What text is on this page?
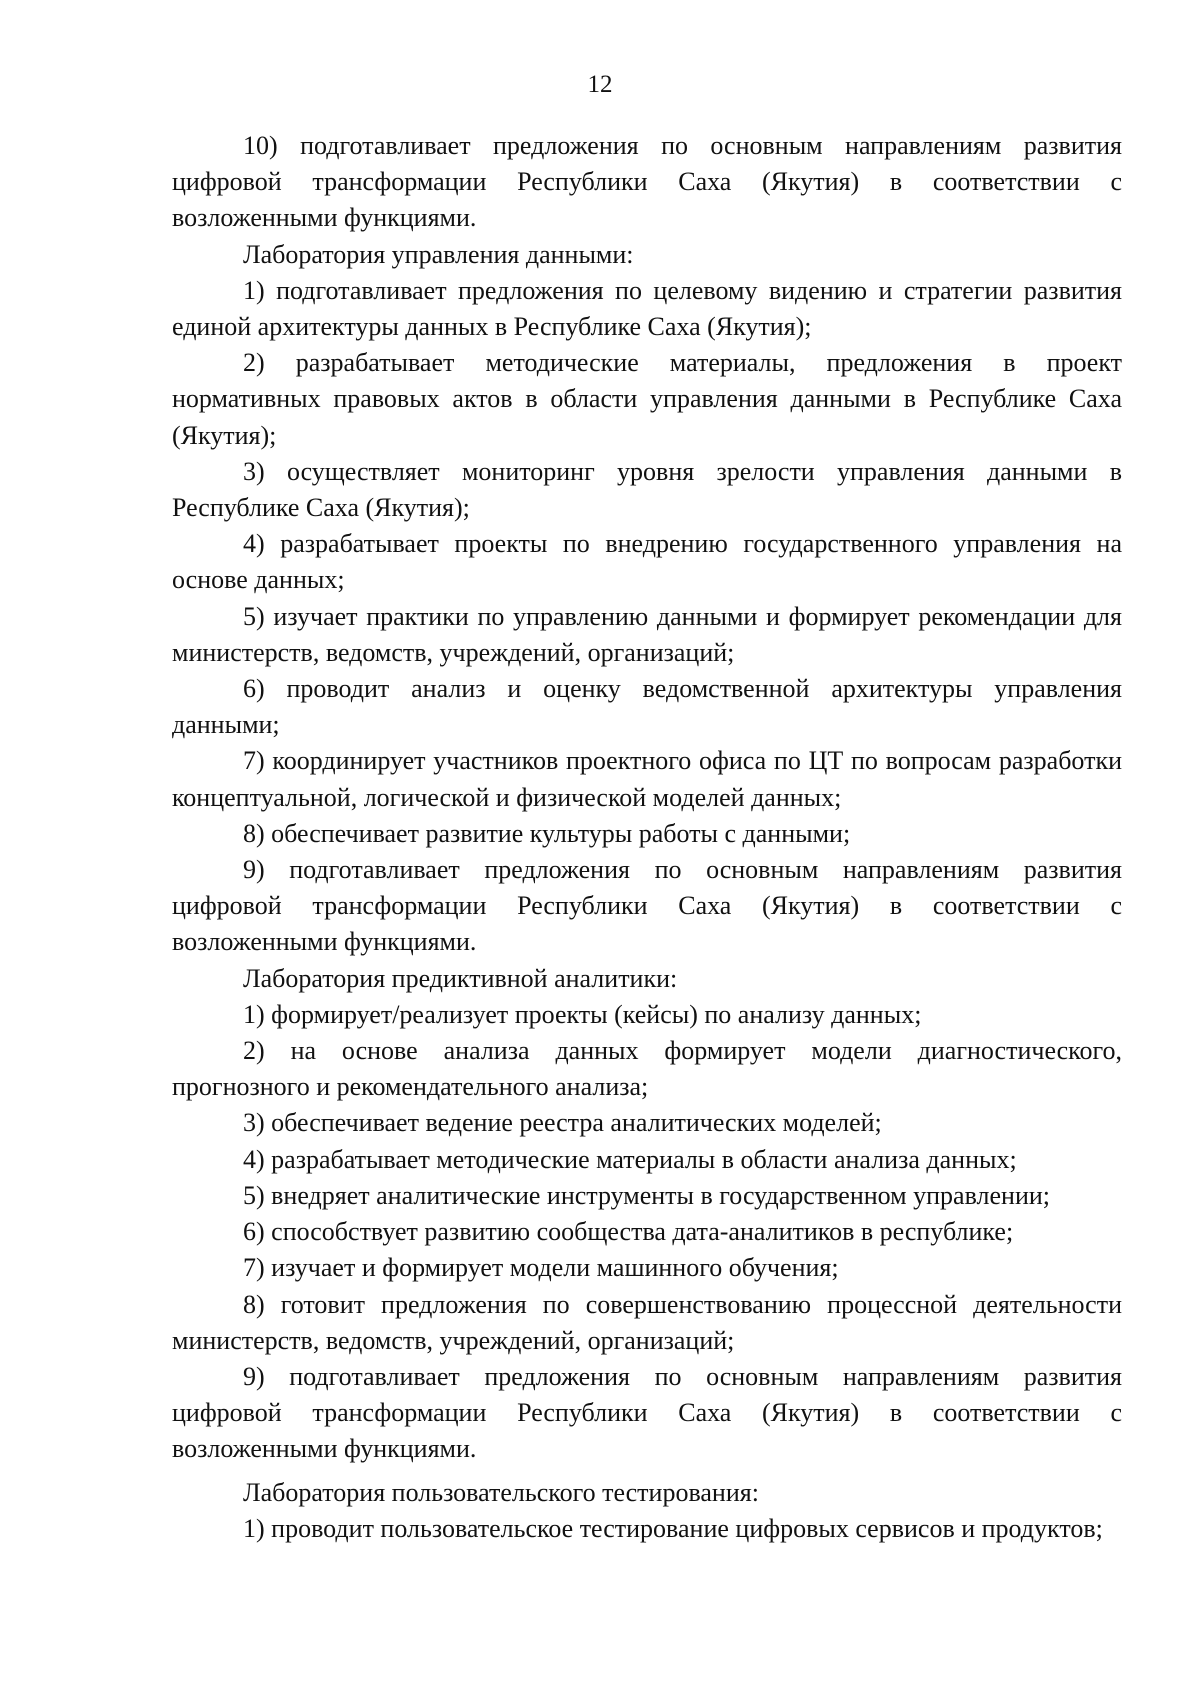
12

10) подготавливает предложения по основным направлениям развития цифровой трансформации Республики Саха (Якутия) в соответствии с возложенными функциями.

Лаборатория управления данными:

1) подготавливает предложения по целевому видению и стратегии развития единой архитектуры данных в Республике Саха (Якутия);

2) разрабатывает методические материалы, предложения в проект нормативных правовых актов в области управления данными в Республике Саха (Якутия);

3) осуществляет мониторинг уровня зрелости управления данными в Республике Саха (Якутия);

4) разрабатывает проекты по внедрению государственного управления на основе данных;

5) изучает практики по управлению данными и формирует рекомендации для министерств, ведомств, учреждений, организаций;

6) проводит анализ и оценку ведомственной архитектуры управления данными;

7) координирует участников проектного офиса по ЦТ по вопросам разработки концептуальной, логической и физической моделей данных;

8) обеспечивает развитие культуры работы с данными;

9) подготавливает предложения по основным направлениям развития цифровой трансформации Республики Саха (Якутия) в соответствии с возложенными функциями.

Лаборатория предиктивной аналитики:

1) формирует/реализует проекты (кейсы) по анализу данных;

2) на основе анализа данных формирует модели диагностического, прогнозного и рекомендательного анализа;

3) обеспечивает ведение реестра аналитических моделей;

4) разрабатывает методические материалы в области анализа данных;

5) внедряет аналитические инструменты в государственном управлении;

6) способствует развитию сообщества дата-аналитиков в республике;

7) изучает и формирует модели машинного обучения;

8) готовит предложения по совершенствованию процессной деятельности министерств, ведомств, учреждений, организаций;

9) подготавливает предложения по основным направлениям развития цифровой трансформации Республики Саха (Якутия) в соответствии с возложенными функциями.

Лаборатория пользовательского тестирования:

1) проводит пользовательское тестирование цифровых сервисов и продуктов;
